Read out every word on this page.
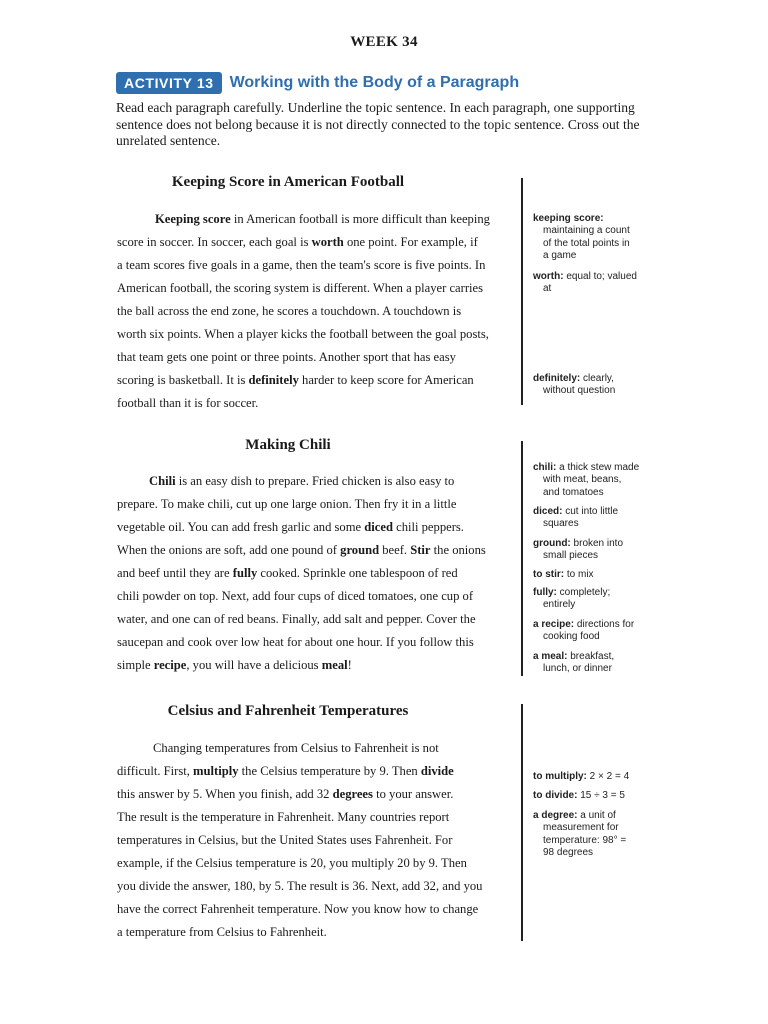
WEEK 34
ACTIVITY 13	Working with the Body of a Paragraph
Read each paragraph carefully. Underline the topic sentence. In each paragraph, one supporting
sentence does not belong because it is not directly connected to the topic sentence. Cross out the
unrelated sentence.
Keeping Score in American Football
Keeping score in American football is more difficult than keeping
score in soccer. In soccer, each goal is worth one point. For example, if
a team scores five goals in a game, then the team's score is five points. In
American football, the scoring system is different. When a player carries
the ball across the end zone, he scores a touchdown. A touchdown is
worth six points. When a player kicks the football between the goal posts,
that team gets one point or three points. Another sport that has easy
scoring is basketball. It is definitely harder to keep score for American
football than it is for soccer.
keeping score:
maintaining a count
of the total points in
a game
worth: equal to; valued
at
definitely: clearly,
without question
Making Chili
Chili is an easy dish to prepare. Fried chicken is also easy to
prepare. To make chili, cut up one large onion. Then fry it in a little
vegetable oil. You can add fresh garlic and some diced chili peppers.
When the onions are soft, add one pound of ground beef. Stir the onions
and beef until they are fully cooked. Sprinkle one tablespoon of red
chili powder on top. Next, add four cups of diced tomatoes, one cup of
water, and one can of red beans. Finally, add salt and pepper. Cover the
saucepan and cook over low heat for about one hour. If you follow this
simple recipe, you will have a delicious meal!
chili: a thick stew made
with meat, beans,
and tomatoes
diced: cut into little
squares
ground: broken into
small pieces
to stir: to mix
fully: completely;
entirely
a recipe: directions for
cooking food
a meal: breakfast,
lunch, or dinner
Celsius and Fahrenheit Temperatures
Changing temperatures from Celsius to Fahrenheit is not
difficult. First, multiply the Celsius temperature by 9. Then divide
this answer by 5. When you finish, add 32 degrees to your answer.
The result is the temperature in Fahrenheit. Many countries report
temperatures in Celsius, but the United States uses Fahrenheit. For
example, if the Celsius temperature is 20, you multiply 20 by 9. Then
you divide the answer, 180, by 5. The result is 36. Next, add 32, and you
have the correct Fahrenheit temperature. Now you know how to change
a temperature from Celsius to Fahrenheit.
to multiply: 2 × 2 = 4
to divide: 15 ÷ 3 = 5
a degree: a unit of
measurement for
temperature: 98° =
98 degrees
